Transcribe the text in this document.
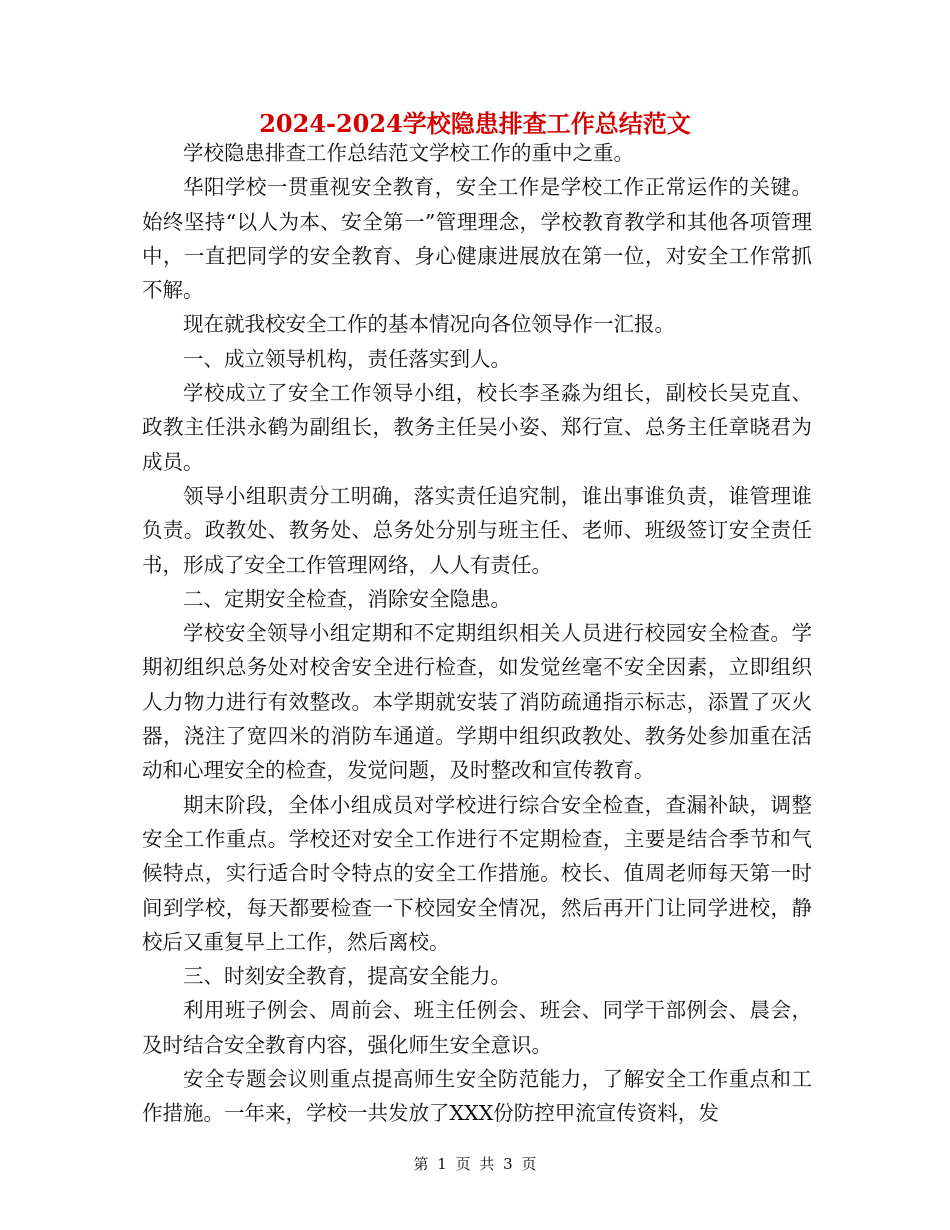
2024-2024学校隐患排查工作总结范文

学校隐患排查工作总结范文学校工作的重中之重。

华阳学校一贯重视安全教育，安全工作是学校工作正常运作的关键。始终坚持“以人为本、安全第一”管理理念，学校教育教学和其他各项管理中，一直把同学的安全教育、身心健康进展放在第一位，对安全工作常抓不解。

现在就我校安全工作的基本情况向各位领导作一汇报。

一、成立领导机构，责任落实到人。

学校成立了安全工作领导小组，校长李圣淼为组长，副校长吴克直、政教主任洪永鹤为副组长，教务主任吴小姿、郑行宣、总务主任章晓君为成员。

领导小组职责分工明确，落实责任追究制，谁出事谁负责，谁管理谁负责。政教处、教务处、总务处分别与班主任、老师、班级签订安全责任书，形成了安全工作管理网络，人人有责任。

二、定期安全检查，消除安全隐患。

学校安全领导小组定期和不定期组织相关人员进行校园安全检查。学期初组织总务处对校舍安全进行检查，如发觉丝毫不安全因素，立即组织人力物力进行有效整改。本学期就安装了消防疏通指示标志，添置了灭火器，浇注了宽四米的消防车通道。学期中组织政教处、教务处参加重在活动和心理安全的检查，发觉问题，及时整改和宣传教育。

期末阶段，全体小组成员对学校进行综合安全检查，查漏补缺，调整安全工作重点。学校还对安全工作进行不定期检查，主要是结合季节和气候特点，实行适合时令特点的安全工作措施。校长、值周老师每天第一时间到学校，每天都要检查一下校园安全情况，然后再开门让同学进校，静校后又重复早上工作，然后离校。

三、时刻安全教育，提高安全能力。

利用班子例会、周前会、班主任例会、班会、同学干部例会、晨会，及时结合安全教育内容，强化师生安全意识。

安全专题会议则重点提高师生安全防范能力，了解安全工作重点和工作措施。一年来，学校一共发放了XXX份防控甲流宣传资料，发

第 1 页 共 3 页
